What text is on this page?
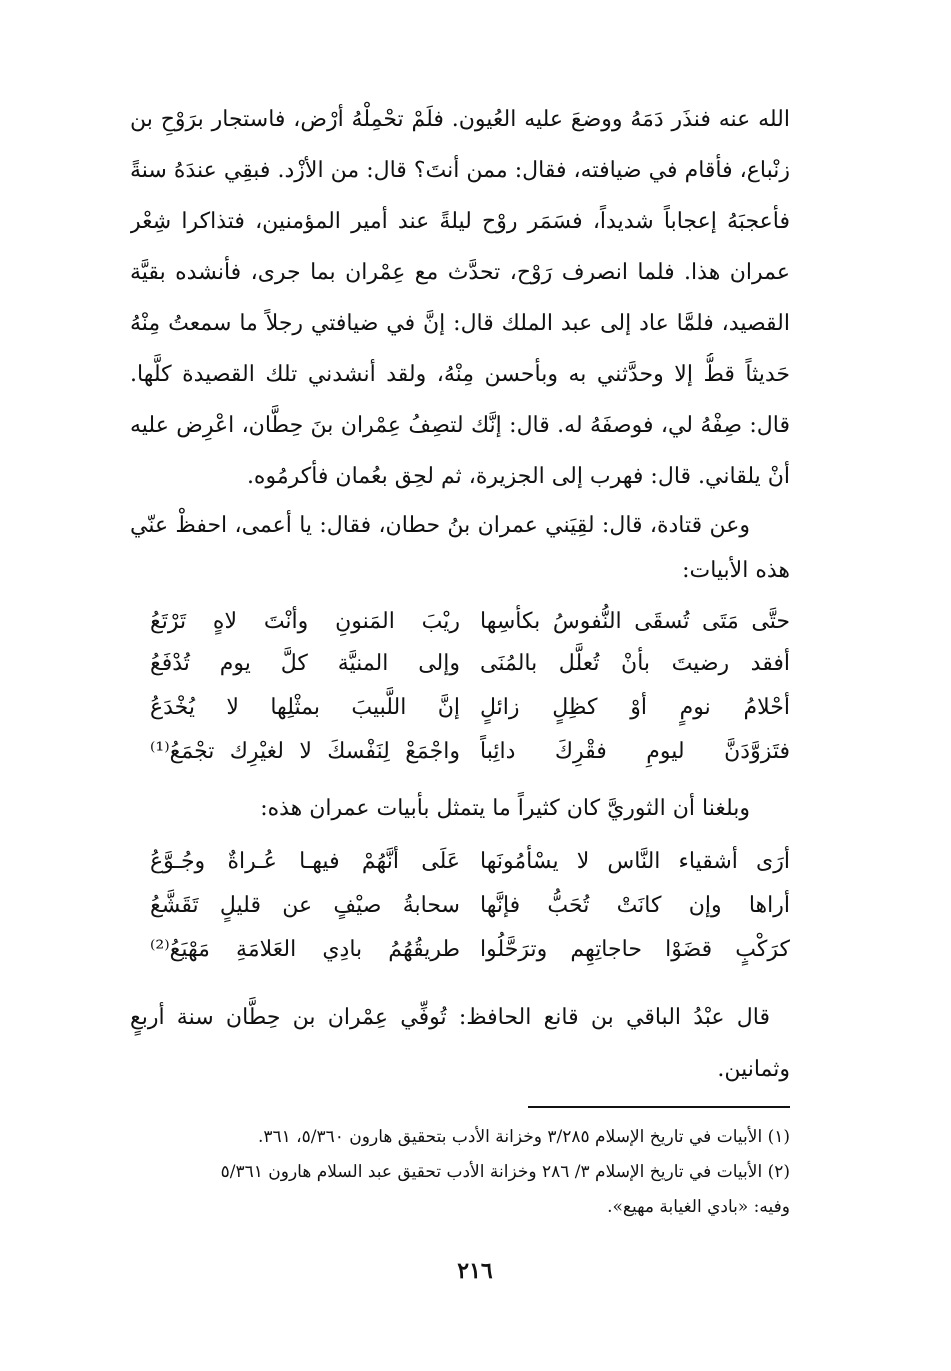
الله عنه فنذَر دَمَهُ ووضعَ عليه العُيون. فلَمْ تحْمِلْهُ أرْض، فاستجار برَوْحِ بن
زنْباع، فأقام في ضيافته، فقال: ممن أنتَ؟ قال: من الأزْد. فبقِي عندَهُ سنةً
فأعجبَهُ إعجاباً شديداً، فسَمَر روْح ليلةً عند أمير المؤمنين، فتذاكرا شِعْر
عمران هذا. فلما انصرف رَوْح، تحدَّث مع عِمْران بما جرى، فأنشده بقيَّة
القصيد، فلمَّا عاد إلى عبد الملك قال: إنَّ في ضيافتي رجلاً ما سمعتُ مِنْهُ
حَديثاً قطُّ إلا وحدَّثني به وبأحسن مِنْهُ، ولقد أنشدني تلك القصيدة كلَّها.
قال: صِفْهُ لي، فوصفَهُ له. قال: إنَّك لتصِفُ عِمْران بنَ حِطَّان، اعْرِض عليه
أنْ يلقاني. قال: فهرب إلى الجزيرة، ثم لحِق بعُمان فأكرمُوه.
وعن قتادة، قال: لقِيَني عمران بنُ حطان، فقال: يا أعمى، احفظْ عنّي
هذه الأبيات:
حتَّى مَتَى تُسقَى النُّفوسُ بكأسِها
ريْبَ المَنونِ وأنْتَ لاهٍ تَرْتَعُ
أفقد رضيتَ بأنْ تُعلَّل بالمُنَى
وإلى المنيَّة كلَّ يوم تُدْفَعُ
أحْلامُ نومٍ أوْ كظِلٍ زائلٍ
إنَّ اللَّبيبَ بمثْلِها لا يُخْدَعُ
فتَزوَّدَنَّ ليومِ فقْرِكَ دائِباً
واجْمَعْ لِنَفْسكَ لا لغيْرِك تجْمَعُ⁽¹⁾
وبلغنا أن الثوريَّ كان كثيراً ما يتمثل بأبيات عمران هذه:
أرَى أشقياء النَّاس لا يسْأمُونَها
عَلَى أنَّهُمْ فيهـا عُـراةٌ وجُـوَّعُ
أراها وإن كانَتْ تُحَبُّ فإنَّها
سحابةُ صيْفٍ عن قليلٍ تَقَشَّعُ
كرَكْبٍ قضَوْا حاجاتِهِم وترَحَّلُوا
طريقُهُمُ بادِي العَلامَةِ مَهْيَعُ⁽²⁾
قال عبْدُ الباقي بن قانع الحافظ: تُوفِّي عِمْران بن حِطَّان سنة أربعٍ
وثمانين.
(١) الأبيات في تاريخ الإسلام ٣/٢٨٥ وخزانة الأدب بتحقيق هارون ٥/٣٦٠، ٣٦١.
(٢) الأبيات في تاريخ الإسلام ٣/ ٢٨٦ وخزانة الأدب تحقيق عبد السلام هارون ٥/٣٦١
وفيه: «بادي الغيابة مهيع».
٢١٦
